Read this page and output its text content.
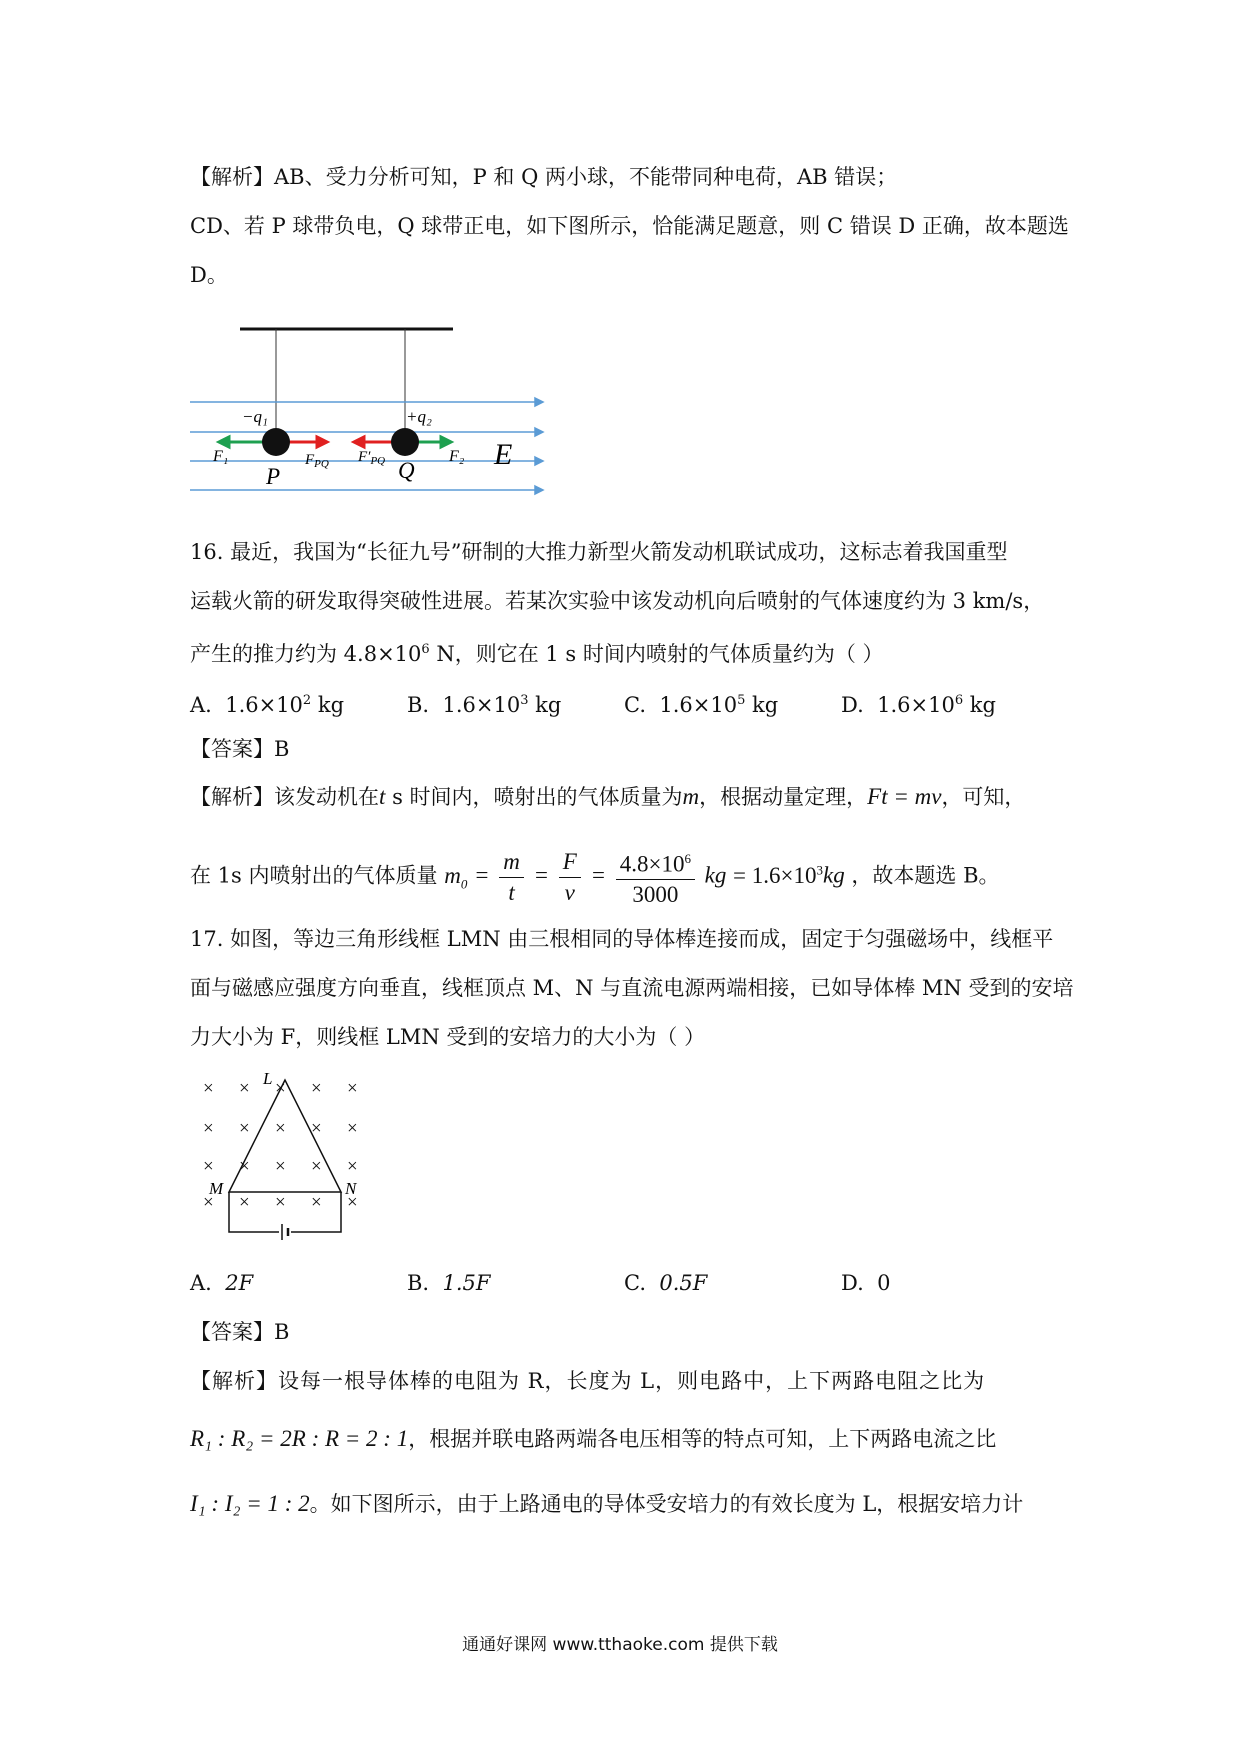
【解析】AB、受力分析可知，P 和 Q 两小球，不能带同种电荷，AB 错误；
CD、若 P 球带负电，Q 球带正电，如下图所示，恰能满足题意，则 C 错误 D 正确，故本题选
D。
−q₁	+q₂
F₁	$F_{PQ}$ $F'_{PQ}$	F₂
P	Q	E
16. 最近，我国为“长征九号”研制的大推力新型火箭发动机联试成功，这标志着我国重型
运载火箭的研发取得突破性进展。若某次实验中该发动机向后喷射的气体速度约为 3 km/s，
产生的推力约为 $4.8\times 10^6$ N，则它在 1 s 时间内喷射的气体质量约为（ ）
A. $1.6\times 10^2$ kg	B. $1.6\times 10^3$ kg	C. $1.6\times 10^5$ kg	D. $1.6\times 10^6$ kg
【答案】B
【解析】该发动机在t s 时间内，喷射出的气体质量为m，根据动量定理，Ft = mv，可知，
在 1s 内喷射出的气体质量 $m_0 = \frac{m}{t} = \frac{F}{v} = \frac{4.8\times 10^6}{3000}$ kg = $1.6\times 10^3kg$ ，故本题选 B。
17. 如图，等边三角形线框 LMN 由三根相同的导体棒连接而成，固定于匀强磁场中，线框平
面与磁感应强度方向垂直，线框顶点 M、N 与直流电源两端相接，已如导体棒 MN 受到的安培
力大小为 F，则线框 LMN 受到的安培力的大小为（ ）
× × × × ×
× × × × ×
× × × × ×
× × × × ×
L
M	N
A. 2F	B. 1.5F	C. 0.5F	D. 0
【答案】B
【解析】设每一根导体棒的电阻为 R，长度为 L，则电路中，上下两路电阻之比为
R₁ : R₂ = 2R : R = 2 : 1，根据并联电路两端各电压相等的特点可知，上下两路电流之比
I₁ : I₂ = 1 : 2。如下图所示，由于上路通电的导体受安培力的有效长度为 L，根据安培力计
通通好课网 www.tthaoke.com 提供下载
